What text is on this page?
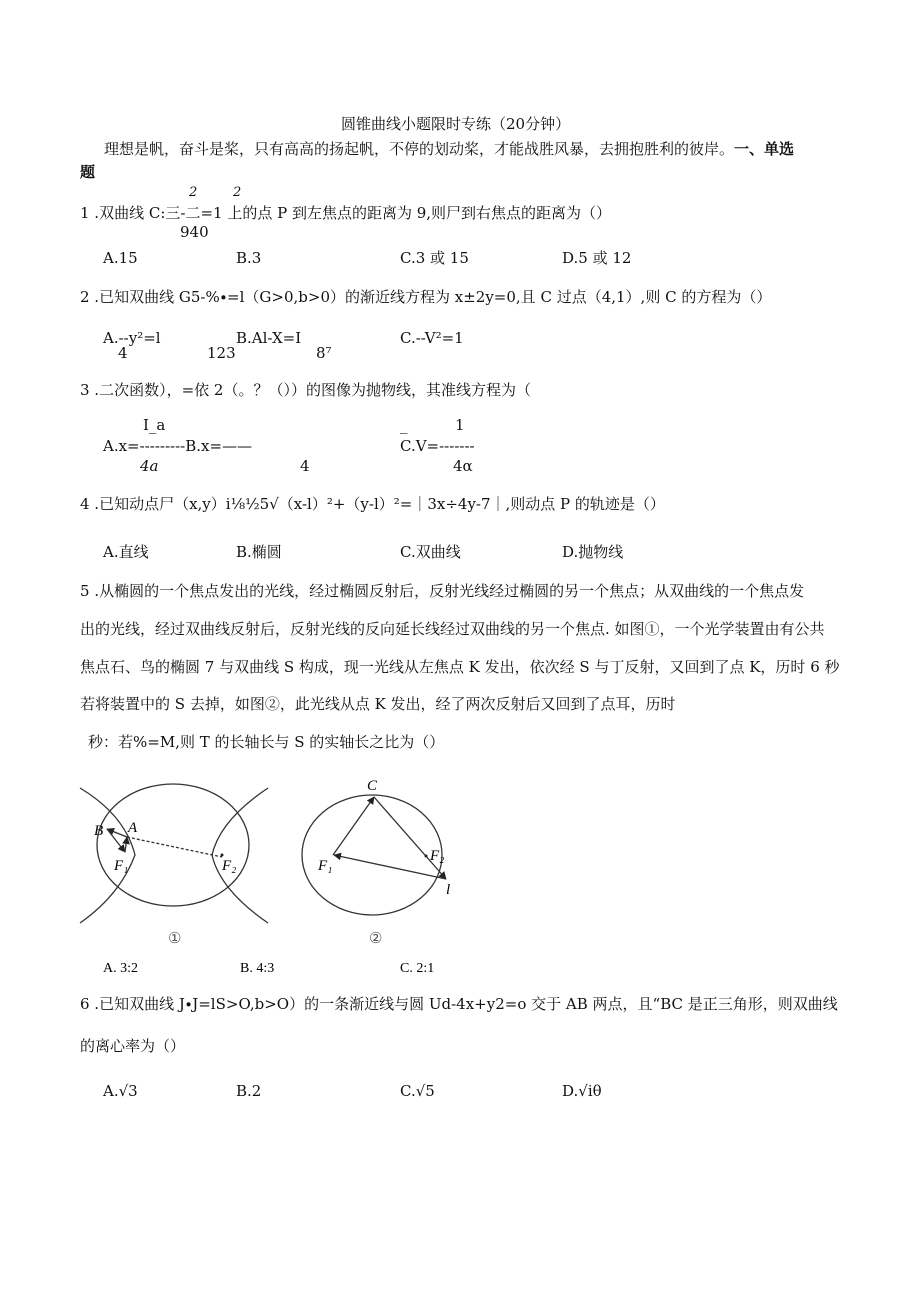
圆锥曲线小题限时专练（20分钟）
理想是帆，奋斗是桨，只有高高的扬起帆，不停的划动桨，才能战胜风暴，去拥抱胜利的彼岸。 一、单选
题
2	2
1 .双曲线 C:三-二=1 上的点 P 到左焦点的距离为 9,则尸到右焦点的距离为（）
940
A.15	B.3	C.3 或 15	D.5 或 12
2 .已知双曲线 G5-%∙=l（G>0,b>0）的渐近线方程为 x±2y=0,且 C 过点（4,1）,则 C 的方程为（）
A.--y²=l	B.Al-X=I	C.--V²=1
4	123	8⁷
3 .二次函数），=依 2（。？（））的图像为抛物线，其准线方程为（
I_a	_	1
A.x=--------- B.x=——	C.V=-------
4a	4	4α
4 .已知动点尸（x,y）i⅛½5√（x-l）²+（y-l）²=｜3x÷4y-7｜,则动点 P 的轨迹是（）
A.直线	B.椭圆	C.双曲线	D.抛物线
5 .从椭圆的一个焦点发出的光线，经过椭圆反射后，反射光线经过椭圆的另一个焦点；从双曲线的一个焦点发
出的光线，经过双曲线反射后，反射光线的反向延长线经过双曲线的另一个焦点. 如图①，一个光学装置由有公共
焦点石、鸟的椭圆 7 与双曲线 S 构成，现一光线从左焦点 K 发出，依次经 S 与丁反射，又回到了点 K，历时 6 秒
若将装置中的 S 去掉，如图②，此光线从点 K 发出，经了两次反射后又回到了点耳，历时
秒：若%=M,则 T 的长轴长与 S 的实轴长之比为（）
B A
F₁	F₂
①
C
F₁
F₂
l
②
A. 3:2	B. 4:3	C. 2:1
6 .已知双曲线 J∙J=lS>O,b>O）的一条渐近线与圆 Ud-4x+y2=o 交于 AB 两点，且“BC 是正三角形，则双曲线
的离心率为（）
A.√3	B.2	C.√5	D.√iθ
